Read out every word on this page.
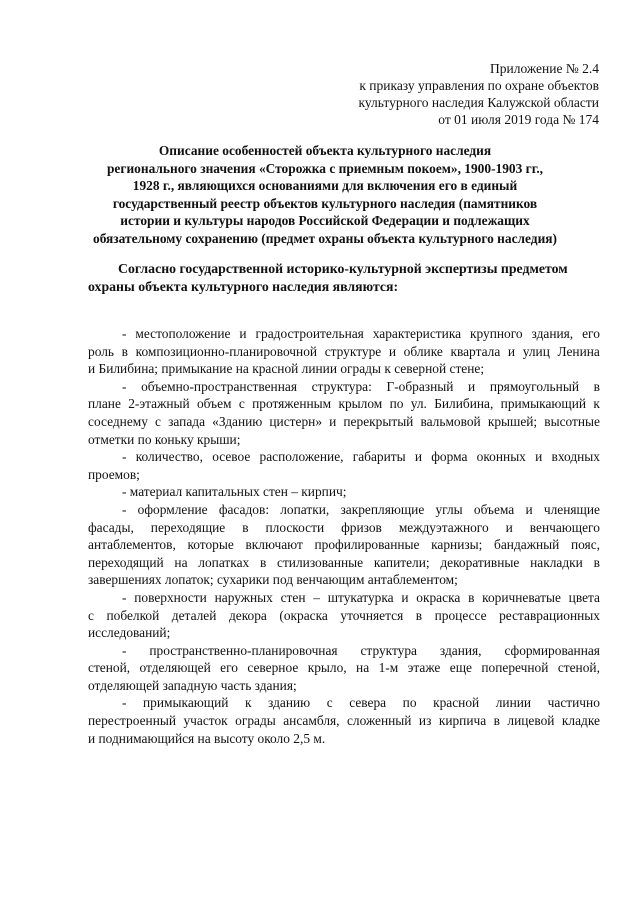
Приложение № 2.4
к приказу управления по охране объектов
культурного наследия Калужской области
от 01 июля 2019 года № 174
Описание особенностей объекта культурного наследия
регионального значения «Сторожка с приемным покоем», 1900-1903 гг.,
1928 г., являющихся основаниями для включения его в единый
государственный реестр объектов культурного наследия (памятников
истории и культуры народов Российской Федерации и подлежащих
обязательному сохранению (предмет охраны объекта культурного наследия)
Согласно государственной историко-культурной экспертизы предметом
охраны объекта культурного наследия являются:
- местоположение и градостроительная характеристика крупного здания, его
роль в композиционно-планировочной структуре и облике квартала и улиц Ленина
и Билибина; примыкание на красной линии ограды к северной стене;
- объемно-пространственная структура: Г-образный и прямоугольный в
плане 2-этажный объем с протяженным крылом по ул. Билибина, примыкающий к
соседнему с запада «Зданию цистерн» и перекрытый вальмовой крышей; высотные
отметки по коньку крыши;
- количество, осевое расположение, габариты и форма оконных и входных
проемов;
- материал капитальных стен – кирпич;
- оформление фасадов: лопатки, закрепляющие углы объема и членящие
фасады, переходящие в плоскости фризов междуэтажного и венчающего
антаблементов, которые включают профилированные карнизы; бандажный пояс,
переходящий на лопатках в стилизованные капители; декоративные накладки в
завершениях лопаток; сухарики под венчающим антаблементом;
- поверхности наружных стен – штукатурка и окраска в коричневатые цвета
с побелкой деталей декора (окраска уточняется в процессе реставрационных
исследований;
- пространственно-планировочная структура здания, сформированная
стеной, отделяющей его северное крыло, на 1-м этаже еще поперечной стеной,
отделяющей западную часть здания;
- примыкающий к зданию с севера по красной линии частично
перестроенный участок ограды ансамбля, сложенный из кирпича в лицевой кладке
и поднимающийся на высоту около 2,5 м.
